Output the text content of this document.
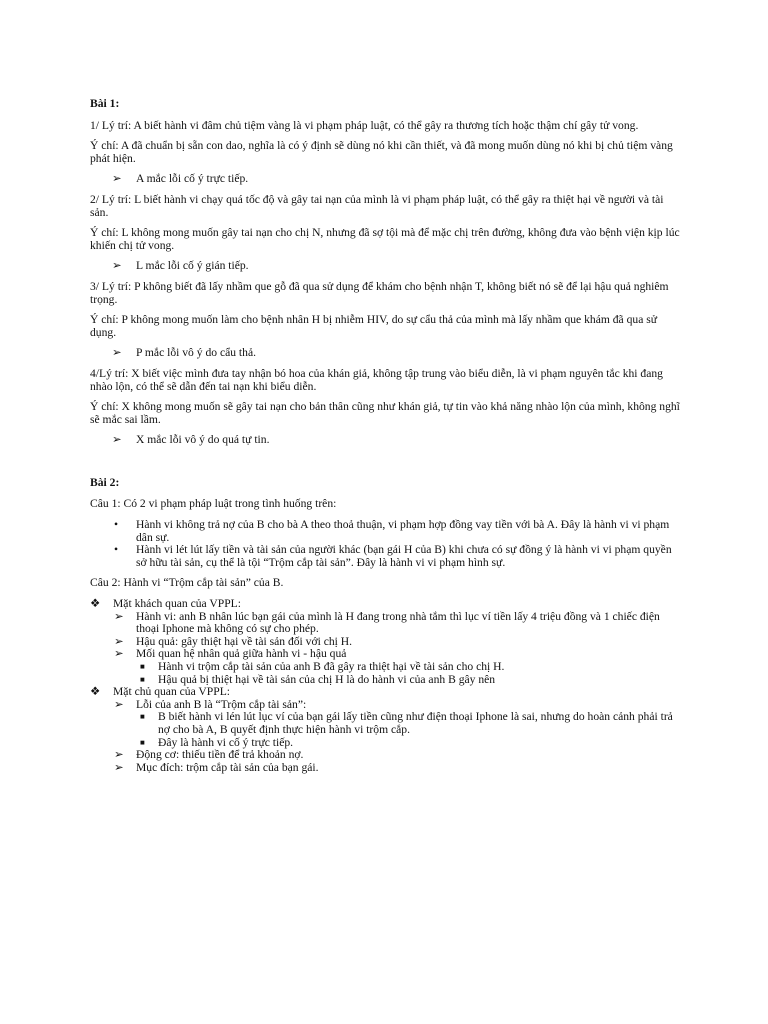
Bài 1:
1/ Lý trí: A biết hành vi đâm chủ tiệm vàng là vi phạm pháp luật, có thể gây ra thương tích hoặc thậm chí gây tử vong.
Ý chí: A đã chuẩn bị sẵn con dao, nghĩa là có ý định sẽ dùng nó khi cần thiết, và đã mong muốn dùng nó khi bị chủ tiệm vàng phát hiện.
➢ A mắc lỗi cố ý trực tiếp.
2/ Lý trí: L biết hành vi chạy quá tốc độ và gây tai nạn của mình là vi phạm pháp luật, có thể gây ra thiệt hại về người và tài sản.
Ý chí: L không mong muốn gây tai nạn cho chị N, nhưng đã sợ tội mà để mặc chị trên đường, không đưa vào bệnh viện kịp lúc khiến chị tử vong.
➢ L mắc lỗi cố ý gián tiếp.
3/ Lý trí: P không biết đã lấy nhầm que gỗ đã qua sử dụng để khám cho bệnh nhận T, không biết nó sẽ để lại hậu quả nghiêm trọng.
Ý chí: P không mong muốn làm cho bệnh nhân H bị nhiễm HIV, do sự cẩu thả của mình mà lấy nhầm que khám đã qua sử dụng.
➢ P mắc lỗi vô ý do cẩu thả.
4/Lý trí: X biết việc mình đưa tay nhận bó hoa của khán giả, không tập trung vào biểu diễn, là vi phạm nguyên tắc khi đang nhào lộn, có thể sẽ dẫn đến tai nạn khi biểu diễn.
Ý chí: X không mong muốn sẽ gây tai nạn cho bản thân cũng như khán giả, tự tin vào khả năng nhào lộn của mình, không nghĩ sẽ mắc sai lầm.
➢ X mắc lỗi vô ý do quá tự tin.
Bài 2:
Câu 1: Có 2 vi phạm pháp luật trong tình huống trên:
• Hành vi không trả nợ của B cho bà A theo thoả thuận, vi phạm hợp đồng vay tiền với bà A. Đây là hành vi vi phạm dân sự.
• Hành vi lét lút lấy tiền và tài sản của người khác (bạn gái H của B) khi chưa có sự đồng ý là hành vi vi phạm quyền sở hữu tài sản, cụ thể là tội “Trộm cắp tài sản”. Đây là hành vi vi phạm hình sự.
Câu 2: Hành vi “Trộm cắp tài sản” của B.
❖ Mặt khách quan của VPPL:
➢ Hành vi: anh B nhân lúc bạn gái của mình là H đang trong nhà tắm thì lục ví tiền lấy 4 triệu đồng và 1 chiếc điện thoại Iphone mà không có sự cho phép.
➢ Hậu quả: gây thiệt hại về tài sản đối với chị H.
➢ Mối quan hệ nhân quả giữa hành vi - hậu quả
■ Hành vi trộm cắp tài sản của anh B đã gây ra thiệt hại về tài sản cho chị H.
■ Hậu quả bị thiệt hại về tài sản của chị H là do hành vi của anh B gây nên
❖ Mặt chủ quan của VPPL:
➢ Lỗi của anh B là “Trộm cắp tài sản”:
■ B biết hành vi lén lút lục ví của bạn gái lấy tiền cũng như điện thoại Iphone là sai, nhưng do hoàn cảnh phải trả nợ cho bà A, B quyết định thực hiện hành vi trộm cắp.
■ Đây là hành vi cố ý trực tiếp.
➢ Động cơ: thiếu tiền để trả khoản nợ.
➢ Mục đích: trộm cắp tài sản của bạn gái.
